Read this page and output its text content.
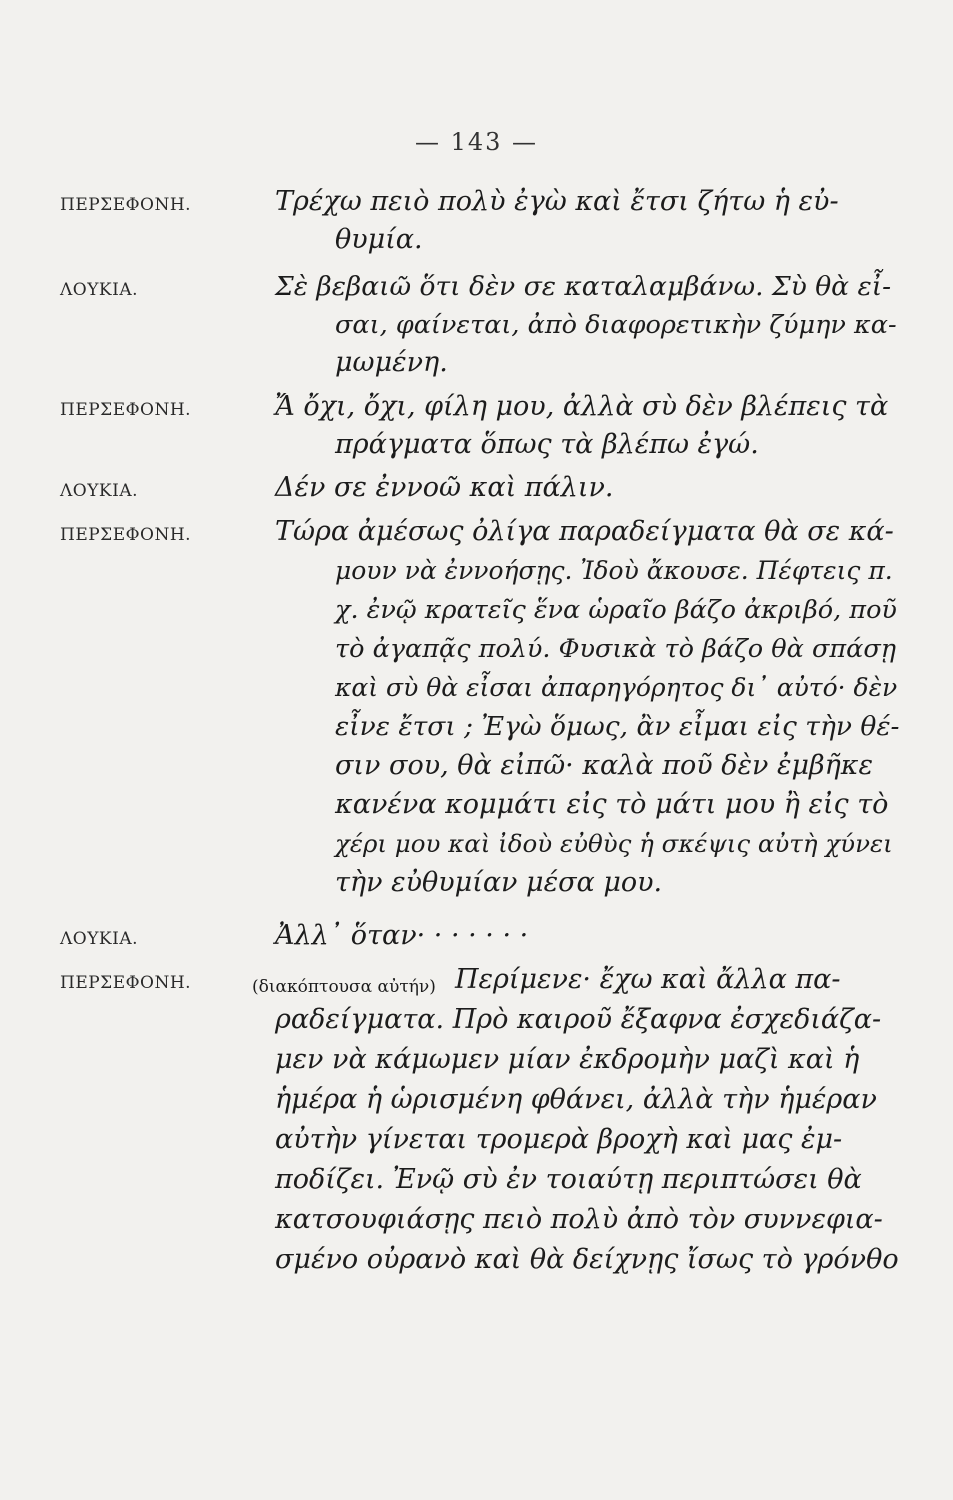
— 143 —
ΠΕΡΣΕΦΟΝΗ.	Τρέχω πειὸ πολὺ ἐγὼ καὶ ἔτσι ζήτω ἡ εὐ-
θυμία.
ΛΟΥΚΙΑ.	Σὲ βεβαιῶ ὅτι δὲν σε καταλαμβάνω. Σὺ θὰ εἶ-
σαι, φαίνεται, ἀπὸ διαφορετικὴν ζύμην κα-
μωμένη.
ΠΕΡΣΕΦΟΝΗ.	Ἄ ὄχι, ὄχι, φίλη μου, ἀλλὰ σὺ δὲν βλέπεις τὰ
πράγματα ὅπως τὰ βλέπω ἐγώ.
ΛΟΥΚΙΑ.	Δέν σε ἐννοῶ καὶ πάλιν.
ΠΕΡΣΕΦΟΝΗ.	Τώρα ἀμέσως ὀλίγα παραδείγματα θὰ σε κά-
μουν νὰ ἐννοήσῃς. Ἰδοὺ ἄκουσε. Πέφτεις π.
χ. ἐνῷ κρατεῖς ἕνα ὡραῖο βάζο ἀκριβό, ποῦ
τὸ ἀγαπᾷς πολύ. Φυσικὰ τὸ βάζο θὰ σπάσῃ
καὶ σὺ θὰ εἶσαι ἀπαρηγόρητος δι᾽ αὐτό· δὲν
εἶνε ἔτσι ; Ἐγὼ ὅμως, ἂν εἶμαι εἰς τὴν θέ-
σιν σου, θὰ εἰπῶ· καλὰ ποῦ δὲν ἐμβῆκε
κανένα κομμάτι εἰς τὸ μάτι μου ἢ εἰς τὸ
χέρι μου καὶ ἰδοὺ εὐθὺς ἡ σκέψις αὐτὴ χύνει
τὴν εὐθυμίαν μέσα μου.
ΛΟΥΚΙΑ.	Ἀλλ᾽ ὅταν· · · · · · ·
ΠΕΡΣΕΦΟΝΗ.	(διακόπτουσα αὐτήν) Περίμενε· ἔχω καὶ ἄλλα πα-
ραδείγματα. Πρὸ καιροῦ ἔξαφνα ἐσχεδιάζα-
μεν νὰ κάμωμεν μίαν ἐκδρομὴν μαζὶ καὶ ἡ
ἡμέρα ἡ ὡρισμένη φθάνει, ἀλλὰ τὴν ἡμέραν
αὐτὴν γίνεται τρομερὰ βροχὴ καὶ μας ἐμ-
ποδίζει. Ἐνῷ σὺ ἐν τοιαύτῃ περιπτώσει θὰ
κατσουφιάσῃς πειὸ πολὺ ἀπὸ τὸν συννεφια-
σμένο οὐρανὸ καὶ θὰ δείχνῃς ἴσως τὸ γρόνθο
